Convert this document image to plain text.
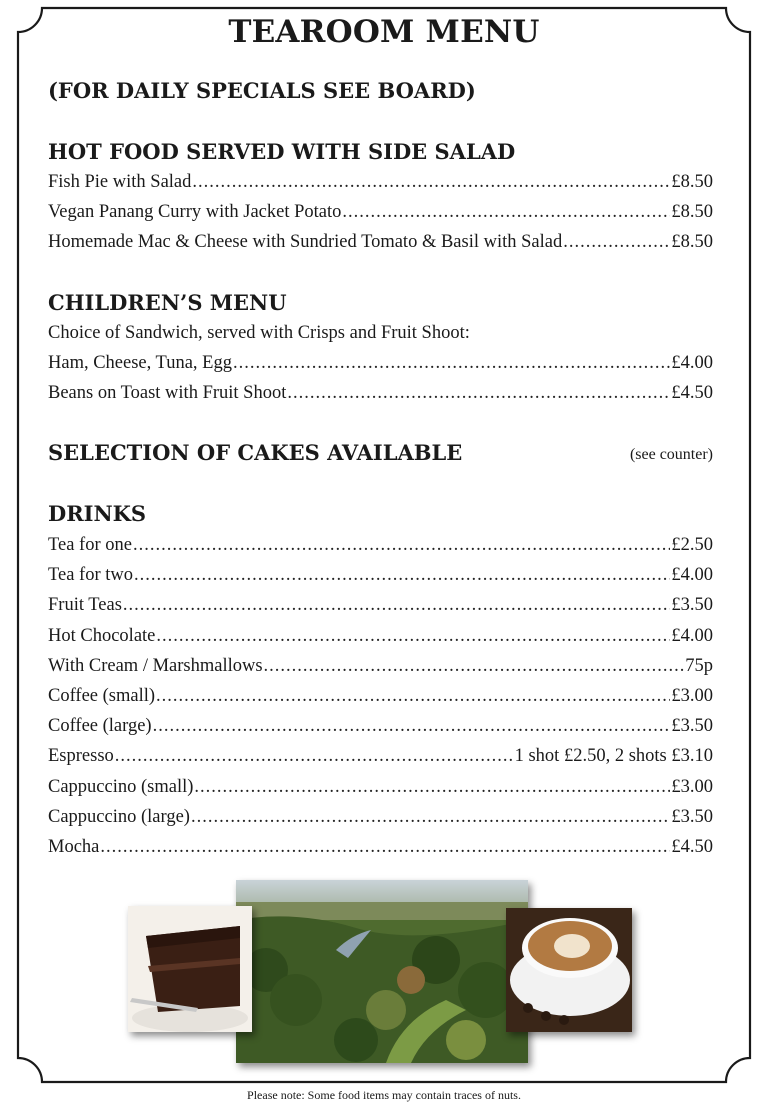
TEAROOM MENU
(FOR DAILY SPECIALS SEE BOARD)
HOT FOOD SERVED WITH SIDE SALAD
Fish Pie with Salad .....	£8.50
Vegan Panang Curry with Jacket Potato .....	£8.50
Homemade Mac & Cheese with Sundried Tomato & Basil with Salad .....	£8.50
CHILDREN’S MENU
Choice of Sandwich, served with Crisps and Fruit Shoot:
Ham, Cheese, Tuna, Egg .....	£4.00
Beans on Toast with Fruit Shoot .....	£4.50
SELECTION OF CAKES AVAILABLE	(see counter)
DRINKS
Tea for one .....	£2.50
Tea for two .....	£4.00
Fruit Teas .....	£3.50
Hot Chocolate .....	£4.00
With Cream / Marshmallows .....	75p
Coffee (small) .....	£3.00
Coffee (large) .....	£3.50
Espresso .....	1 shot £2.50, 2 shots £3.10
Cappuccino (small) .....	£3.00
Cappuccino (large) .....	£3.50
Mocha .....	£4.50
Please note: Some food items may contain traces of nuts.
